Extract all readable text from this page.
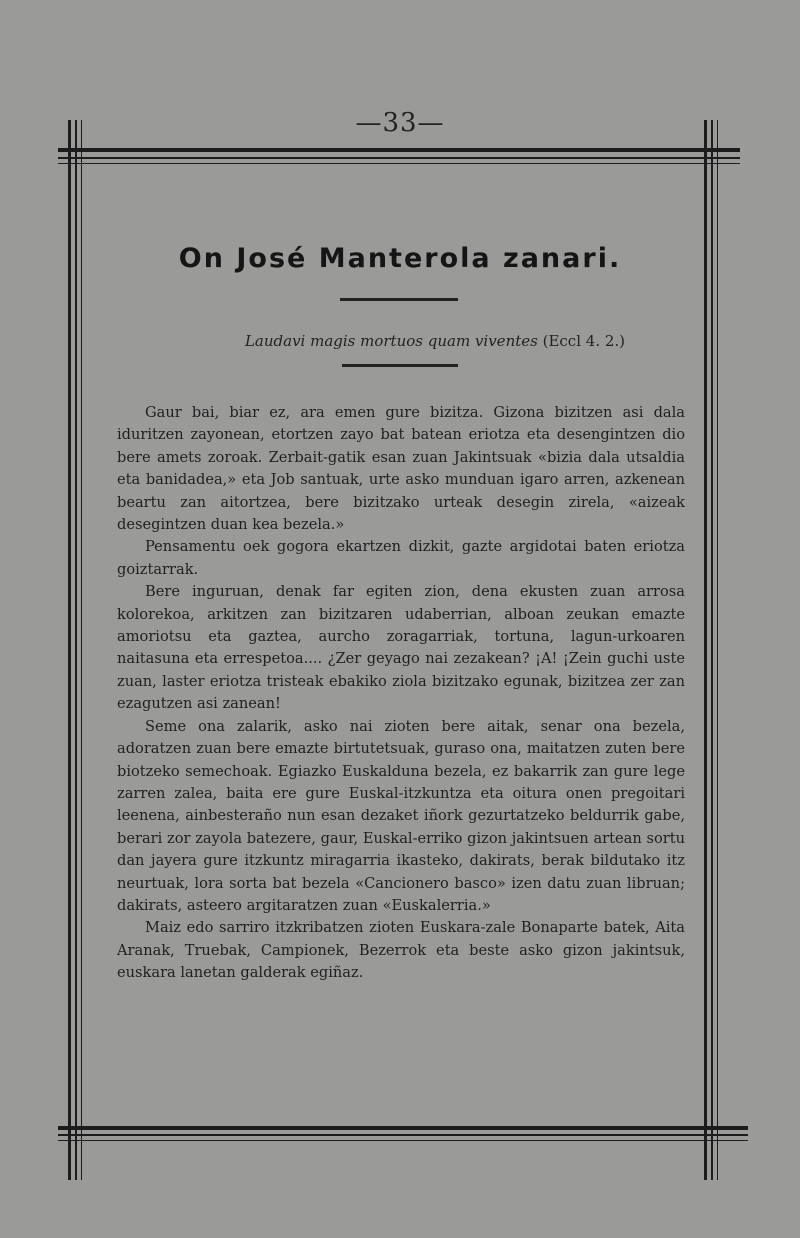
—33—
On José Manterola zanari.
Laudavi magis mortuos quam viventes (Eccl 4. 2.)

Gaur bai, biar ez, ara emen gure bizitza. Gizona bizitzen asi dala iduritzen zayonean, etortzen zayo bat batean eriotza eta desengintzen dio bere amets zoroak. Zerbait-gatik esan zuan Jakintsuak «bizia dala utsaldia eta banidadea,» eta Job santuak, urte asko munduan igaro arren, azkenean beartu zan aitortzea, bere bizitzako urteak desegin zirela, «aizeak desegintzen duan kea bezela.»

Pensamentu oek gogora ekartzen dizkit, gazte argidotai baten eriotza goiztarrak.

Bere inguruan, denak far egiten zion, dena ekusten zuan arrosa kolorekoa, arkitzen zan bizitzaren udaberrian, alboan zeukan emazte amoriotsu eta gaztea, aurcho zoragarriak, tortuna, lagun-urkoaren naitasuna eta errespetoa.... ¿Zer geyago nai zezakean? ¡A! ¡Zein guchi uste zuan, laster eriotza tristeak ebakiko ziola bizitzako egunak, bizitzea zer zan ezagutzen asi zanean!

Seme ona zalarik, asko nai zioten bere aitak, senar ona bezela, adoratzen zuan bere emazte birtutetsuak, guraso ona, maitatzen zuten bere biotzeko semechoak. Egiazko Euskalduna bezela, ez bakarrik zan gure lege zarren zalea, baita ere gure Euskal-itzkuntza eta oitura onen pregoitari leenena, ainbesteraño nun esan dezaket iñork gezurtatzeko beldurrik gabe, berari zor zayola batezere, gaur, Euskal-erriko gizon jakintsuen artean sortu dan jayera gure itzkuntz miragarria ikasteko, dakirats, berak bildutako itz neurtuak, lora sorta bat bezela «Cancionero basco» izen datu zuan libruan; dakirats, asteero argitaratzen zuan «Euskalerria.»

Maiz edo sarriro itzkribatzen zioten Euskara-zale Bonaparte batek, Aita Aranak, Truebak, Campionek, Bezerrok eta beste asko gizon jakintsuk, euskara lanetan galderak egiñaz.
